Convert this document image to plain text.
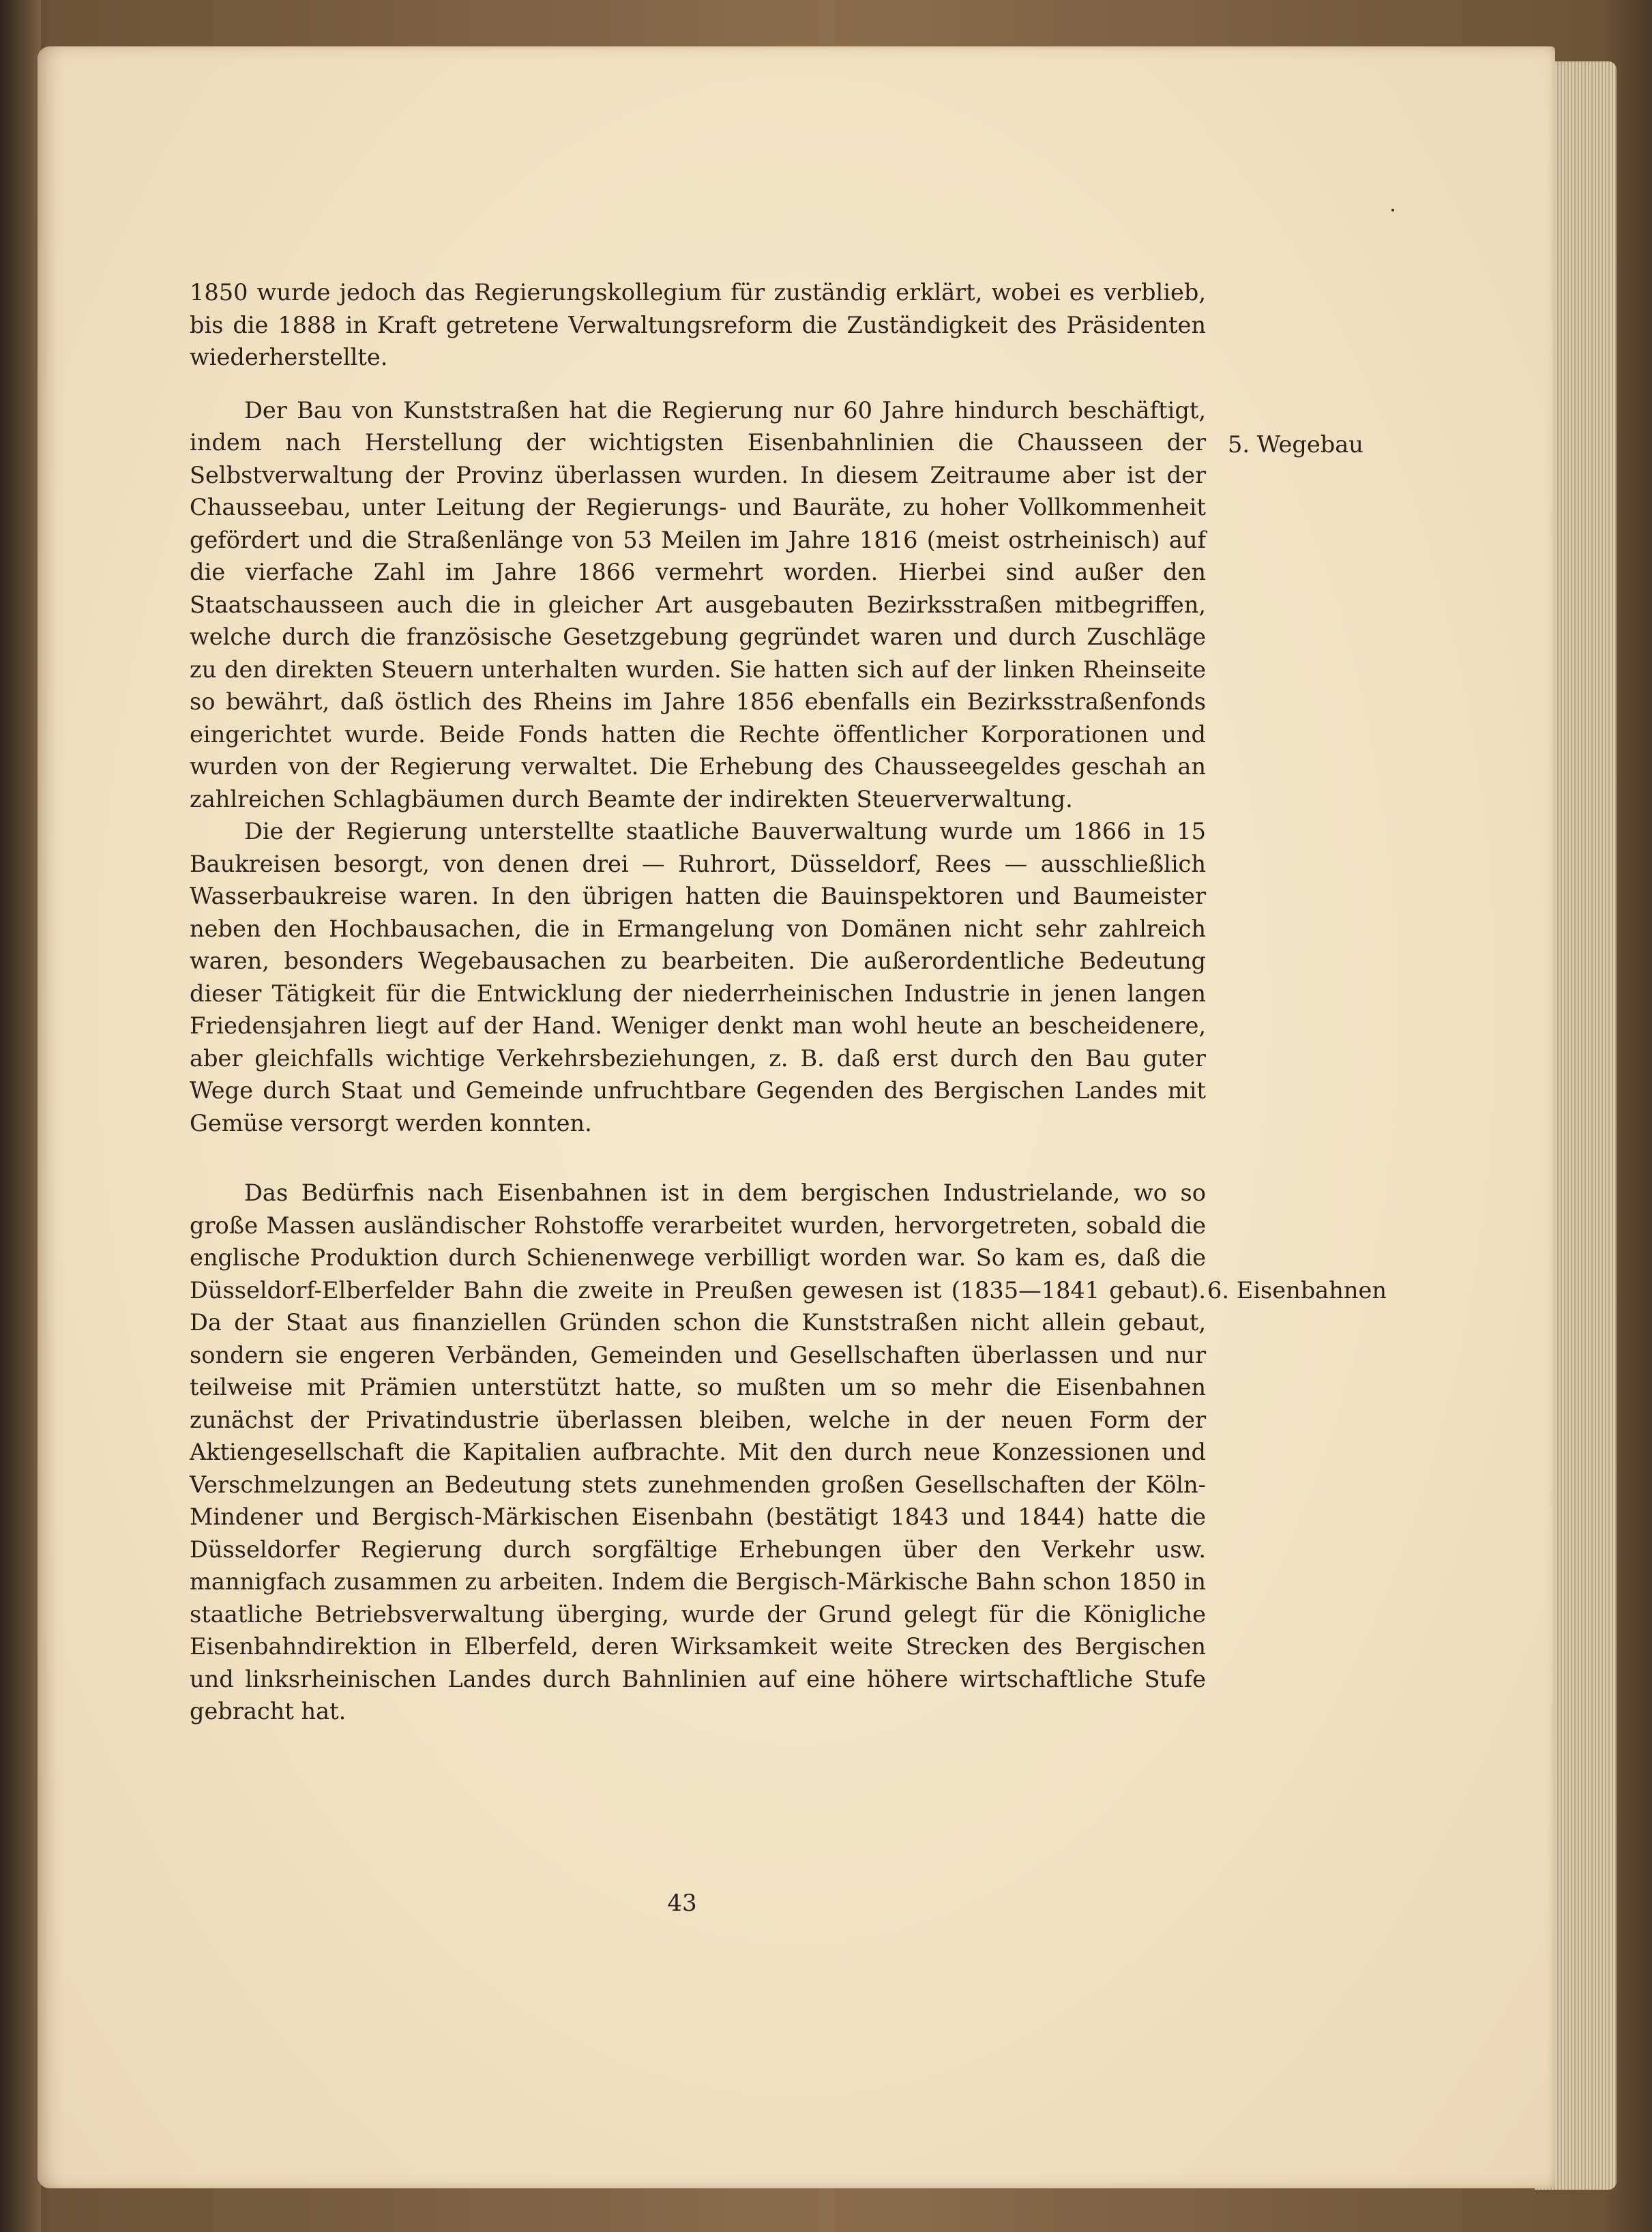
1850 wurde jedoch das Regierungskollegium für zuständig erklärt, wobei es verblieb, bis die 1888 in Kraft getretene Verwaltungsreform die Zuständigkeit des Präsidenten wiederherstellte.

Der Bau von Kunststraßen hat die Regierung nur 60 Jahre hindurch beschäftigt, indem nach Herstellung der wichtigsten Eisenbahnlinien die Chausseen der Selbstverwaltung der Provinz überlassen wurden. In diesem Zeitraume aber ist der Chausseebau, unter Leitung der Regierungs- und Bauräte, zu hoher Vollkommenheit gefördert und die Straßenlänge von 53 Meilen im Jahre 1816 (meist ostrheinisch) auf die vierfache Zahl im Jahre 1866 vermehrt worden. Hierbei sind außer den Staatschausseen auch die in gleicher Art ausgebauten Bezirksstraßen mitbegriffen, welche durch die französische Gesetzgebung gegründet waren und durch Zuschläge zu den direkten Steuern unterhalten wurden. Sie hatten sich auf der linken Rheinseite so bewährt, daß östlich des Rheins im Jahre 1856 ebenfalls ein Bezirksstraßenfonds eingerichtet wurde. Beide Fonds hatten die Rechte öffentlicher Korporationen und wurden von der Regierung verwaltet. Die Erhebung des Chausseegeldes geschah an zahlreichen Schlagbäumen durch Beamte der indirekten Steuerverwaltung.

Die der Regierung unterstellte staatliche Bauverwaltung wurde um 1866 in 15 Baukreisen besorgt, von denen drei — Ruhrort, Düsseldorf, Rees — ausschließlich Wasserbaukreise waren. In den übrigen hatten die Bauinspektoren und Baumeister neben den Hochbausachen, die in Ermangelung von Domänen nicht sehr zahlreich waren, besonders Wegebausachen zu bearbeiten. Die außerordentliche Bedeutung dieser Tätigkeit für die Entwicklung der niederrheinischen Industrie in jenen langen Friedensjahren liegt auf der Hand. Weniger denkt man wohl heute an bescheidenere, aber gleichfalls wichtige Verkehrsbeziehungen, z. B. daß erst durch den Bau guter Wege durch Staat und Gemeinde unfruchtbare Gegenden des Bergischen Landes mit Gemüse versorgt werden konnten.

Das Bedürfnis nach Eisenbahnen ist in dem bergischen Industrielande, wo so große Massen ausländischer Rohstoffe verarbeitet wurden, hervorgetreten, sobald die englische Produktion durch Schienenwege verbilligt worden war. So kam es, daß die Düsseldorf-Elberfelder Bahn die zweite in Preußen gewesen ist (1835—1841 gebaut). Da der Staat aus finanziellen Gründen schon die Kunststraßen nicht allein gebaut, sondern sie engeren Verbänden, Gemeinden und Gesellschaften überlassen und nur teilweise mit Prämien unterstützt hatte, so mußten um so mehr die Eisenbahnen zunächst der Privatindustrie überlassen bleiben, welche in der neuen Form der Aktiengesellschaft die Kapitalien aufbrachte. Mit den durch neue Konzessionen und Verschmelzungen an Bedeutung stets zunehmenden großen Gesellschaften der Köln-Mindener und Bergisch-Märkischen Eisenbahn (bestätigt 1843 und 1844) hatte die Düsseldorfer Regierung durch sorgfältige Erhebungen über den Verkehr usw. mannigfach zusammen zu arbeiten. Indem die Bergisch-Märkische Bahn schon 1850 in staatliche Betriebsverwaltung überging, wurde der Grund gelegt für die Königliche Eisenbahndirektion in Elberfeld, deren Wirksamkeit weite Strecken des Bergischen und linksrheinischen Landes durch Bahnlinien auf eine höhere wirtschaftliche Stufe gebracht hat.

5. Wegebau
6. Eisenbahnen
43
